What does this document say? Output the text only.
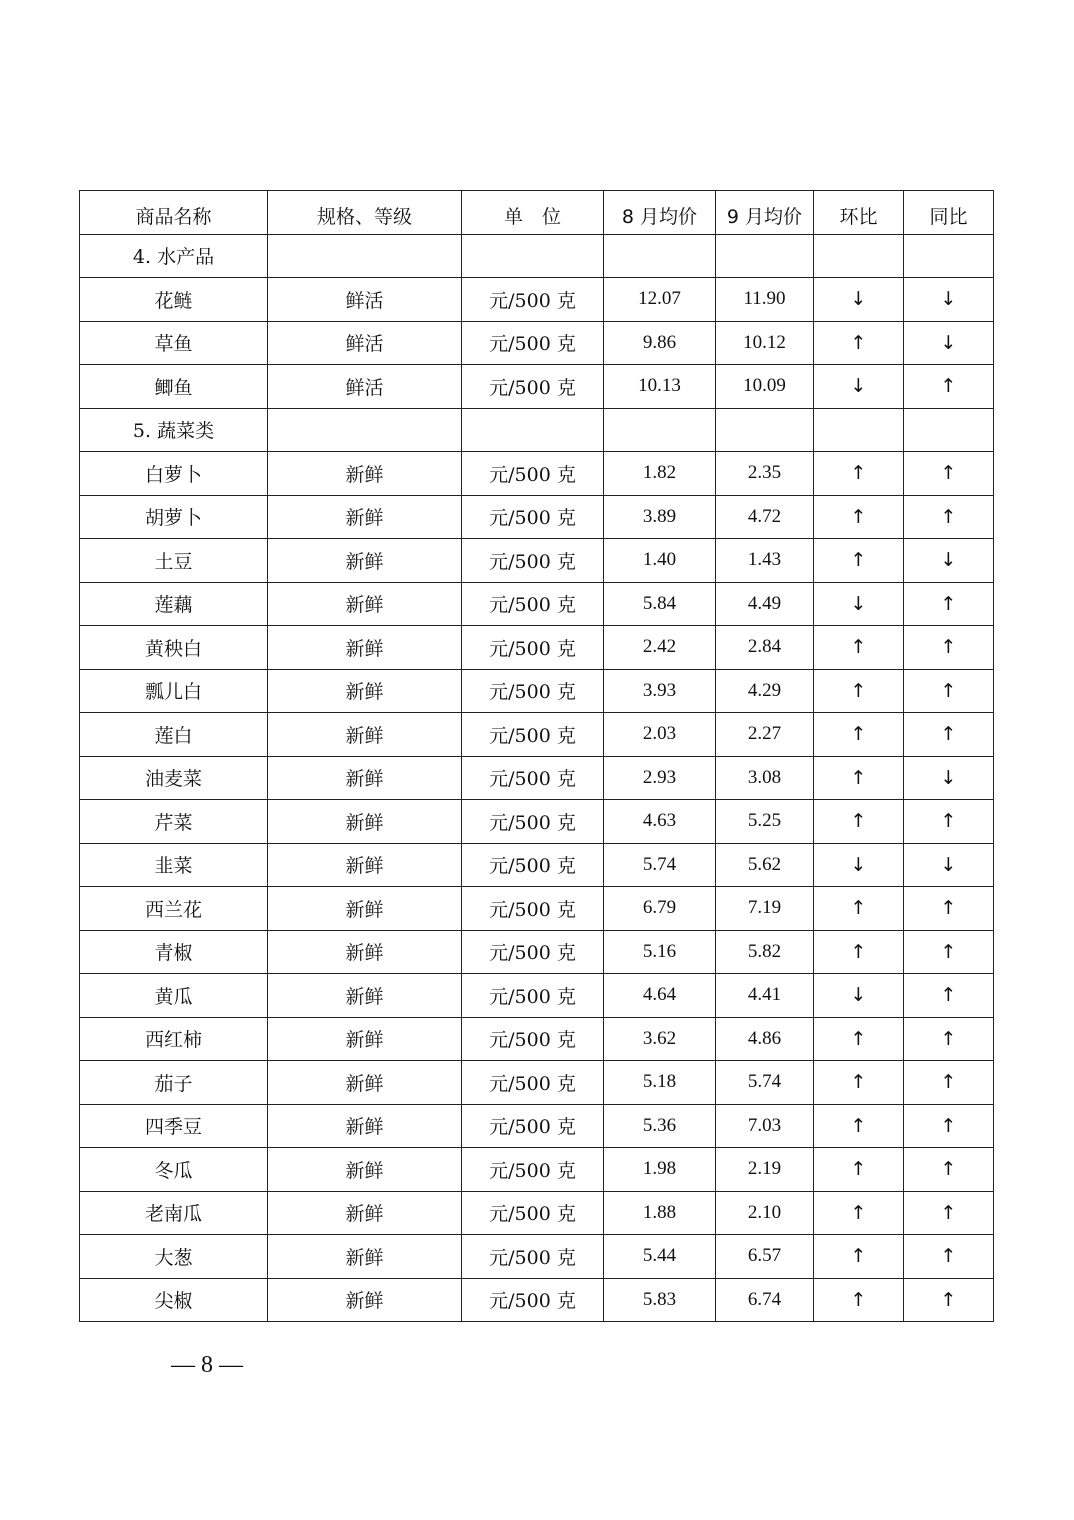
商品名称	规格、等级	单　位	8 月均价	9 月均价	环比	同比
4. 水产品						
花鲢	鲜活	元/500 克	12.07	11.90	↓	↓
草鱼	鲜活	元/500 克	9.86	10.12	↑	↓
鲫鱼	鲜活	元/500 克	10.13	10.09	↓	↑
5. 蔬菜类						
白萝卜	新鲜	元/500 克	1.82	2.35	↑	↑
胡萝卜	新鲜	元/500 克	3.89	4.72	↑	↑
土豆	新鲜	元/500 克	1.40	1.43	↑	↓
莲藕	新鲜	元/500 克	5.84	4.49	↓	↑
黄秧白	新鲜	元/500 克	2.42	2.84	↑	↑
瓢儿白	新鲜	元/500 克	3.93	4.29	↑	↑
莲白	新鲜	元/500 克	2.03	2.27	↑	↑
油麦菜	新鲜	元/500 克	2.93	3.08	↑	↓
芹菜	新鲜	元/500 克	4.63	5.25	↑	↑
韭菜	新鲜	元/500 克	5.74	5.62	↓	↓
西兰花	新鲜	元/500 克	6.79	7.19	↑	↑
青椒	新鲜	元/500 克	5.16	5.82	↑	↑
黄瓜	新鲜	元/500 克	4.64	4.41	↓	↑
西红柿	新鲜	元/500 克	3.62	4.86	↑	↑
茄子	新鲜	元/500 克	5.18	5.74	↑	↑
四季豆	新鲜	元/500 克	5.36	7.03	↑	↑
冬瓜	新鲜	元/500 克	1.98	2.19	↑	↑
老南瓜	新鲜	元/500 克	1.88	2.10	↑	↑
大葱	新鲜	元/500 克	5.44	6.57	↑	↑
尖椒	新鲜	元/500 克	5.83	6.74	↑	↑
— 8 —
